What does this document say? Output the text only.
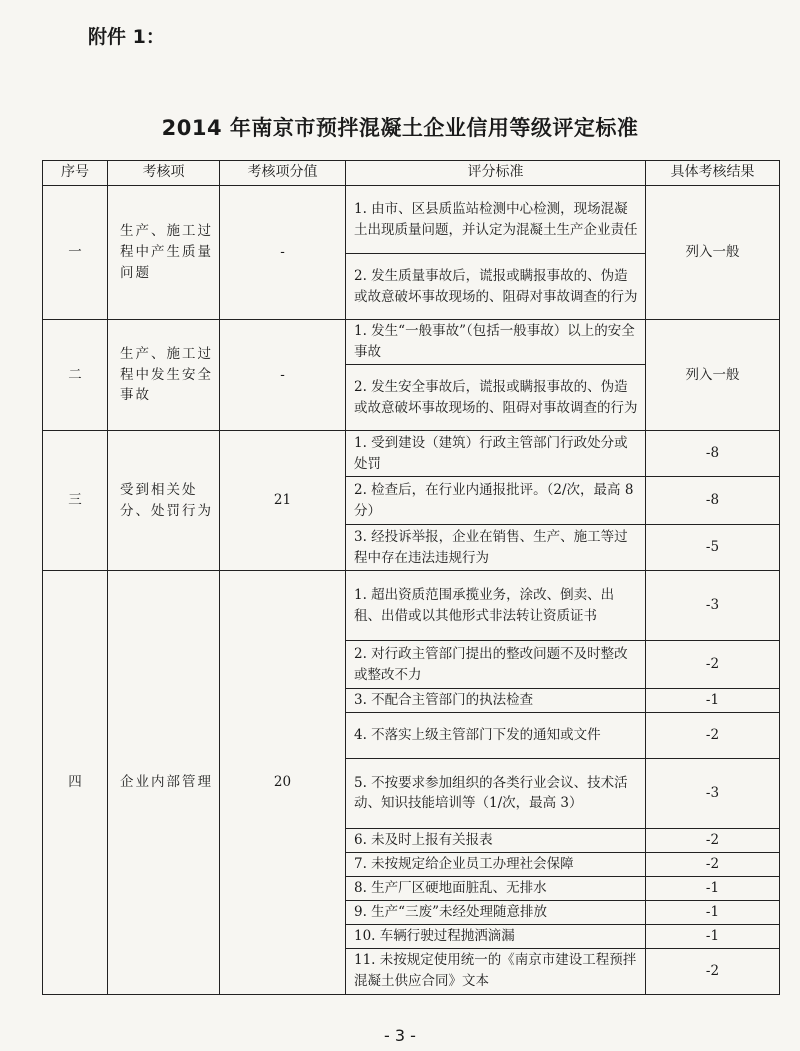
附件 1：
2014 年南京市预拌混凝土企业信用等级评定标准
序号	考核项	考核项分值	评分标准	具体考核结果
一	生产、施工过程中产生质量问题	-	1. 由市、区县质监站检测中心检测，现场混凝土出现质量问题，并认定为混凝土生产企业责任	列入一般
			2. 发生质量事故后，谎报或瞒报事故的、伪造或故意破坏事故现场的、阻碍对事故调查的行为	
二	生产、施工过程中发生安全事故	-	1. 发生“一般事故”（包括一般事故）以上的安全事故	列入一般
			2. 发生安全事故后，谎报或瞒报事故的、伪造或故意破坏事故现场的、阻碍对事故调查的行为	
三	受到相关处分、处罚行为	21	1. 受到建设（建筑）行政主管部门行政处分或处罚	-8
			2. 检查后，在行业内通报批评。（2/次，最高 8 分）	-8
			3. 经投诉举报，企业在销售、生产、施工等过程中存在违法违规行为	-5
四	企业内部管理	20	1. 超出资质范围承揽业务，涂改、倒卖、出租、出借或以其他形式非法转让资质证书	-3
			2. 对行政主管部门提出的整改问题不及时整改或整改不力	-2
			3. 不配合主管部门的执法检查	-1
			4. 不落实上级主管部门下发的通知或文件	-2
			5. 不按要求参加组织的各类行业会议、技术活动、知识技能培训等（1/次，最高 3）	-3
			6. 未及时上报有关报表	-2
			7. 未按规定给企业员工办理社会保障	-2
			8. 生产厂区硬地面脏乱、无排水	-1
			9. 生产“三废”未经处理随意排放	-1
			10. 车辆行驶过程抛洒滴漏	-1
			11. 未按规定使用统一的《南京市建设工程预拌混凝土供应合同》文本	-2
- 3 -
